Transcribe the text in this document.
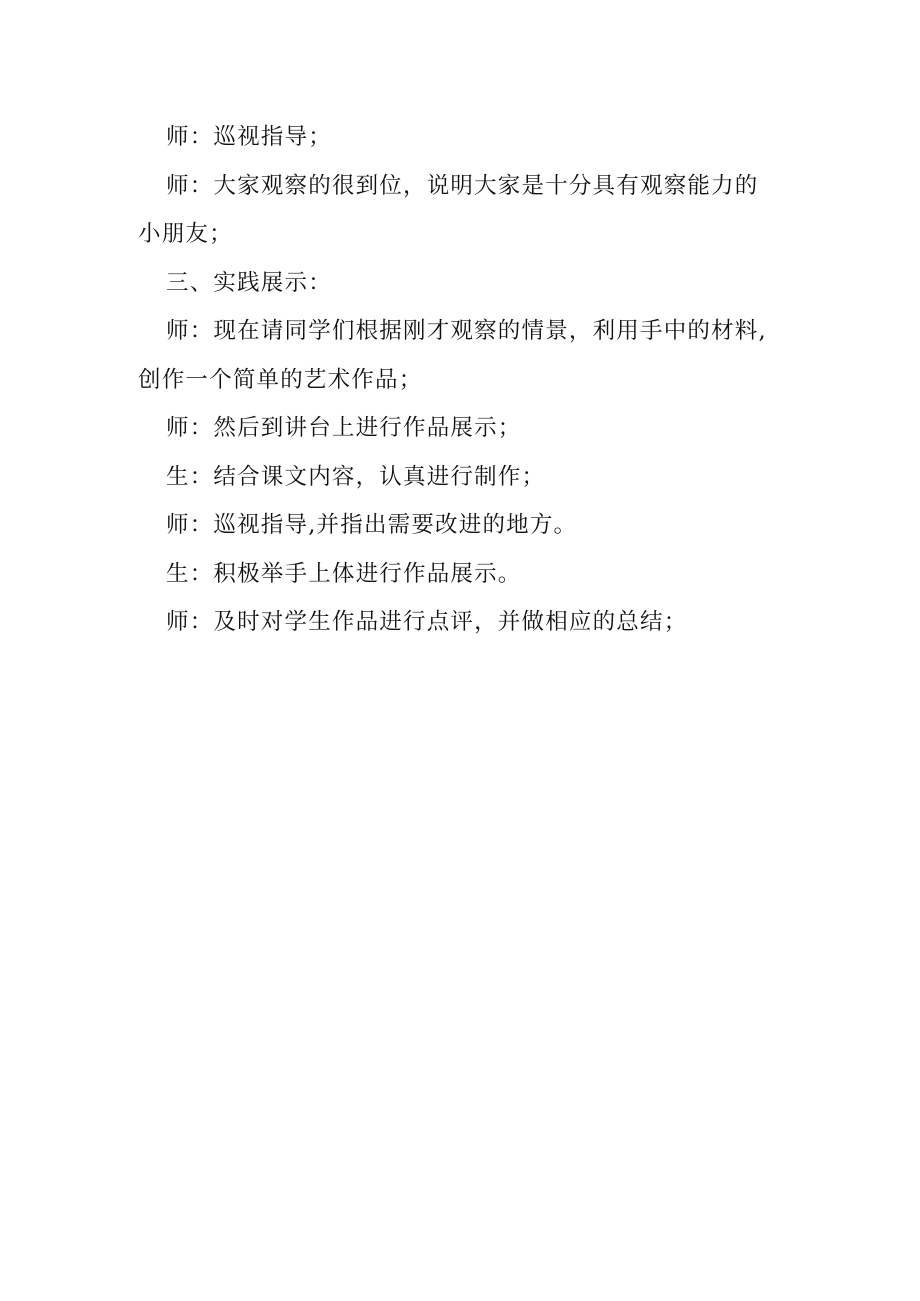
师：巡视指导；

师：大家观察的很到位，说明大家是十分具有观察能力的小朋友；

三、实践展示：

师：现在请同学们根据刚才观察的情景，利用手中的材料,创作一个简单的艺术作品；

师：然后到讲台上进行作品展示；

生：结合课文内容，认真进行制作；

师：巡视指导,并指出需要改进的地方。

生：积极举手上体进行作品展示。

师：及时对学生作品进行点评，并做相应的总结；
